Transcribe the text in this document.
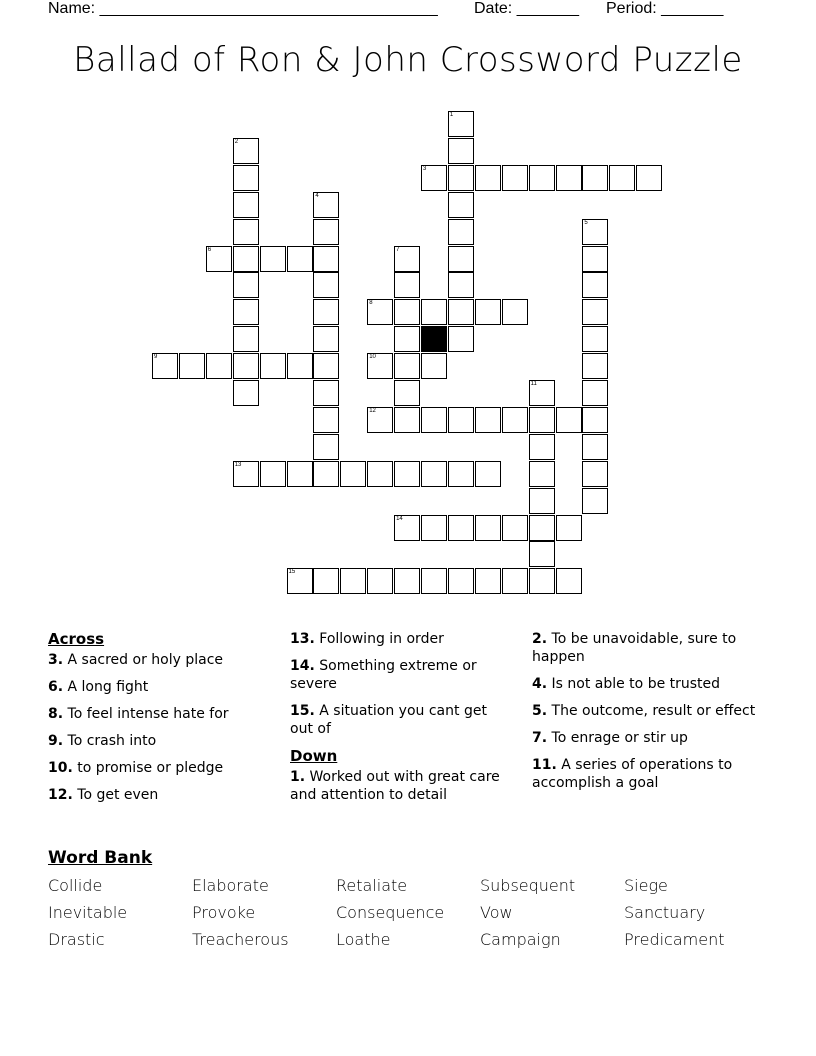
Name: ______________________________________ Date: _______ Period: _______
Ballad of Ron & John Crossword Puzzle
1
2
3
4
5
6	7
8
9	10
11
12
13
14
15
Across
3. A sacred or holy place
6. A long fight
8. To feel intense hate for
9. To crash into
10. to promise or pledge
12. To get even
13. Following in order
14. Something extreme or severe
15. A situation you cant get out of
Down
1. Worked out with great care and attention to detail
2. To be unavoidable, sure to happen
4. Is not able to be trusted
5. The outcome, result or effect
7. To enrage or stir up
11. A series of operations to accomplish a goal
Word Bank
Collide	Elaborate	Retaliate	Subsequent	Siege
Inevitable	Provoke	Consequence	Vow	Sanctuary
Drastic	Treacherous	Loathe	Campaign	Predicament
